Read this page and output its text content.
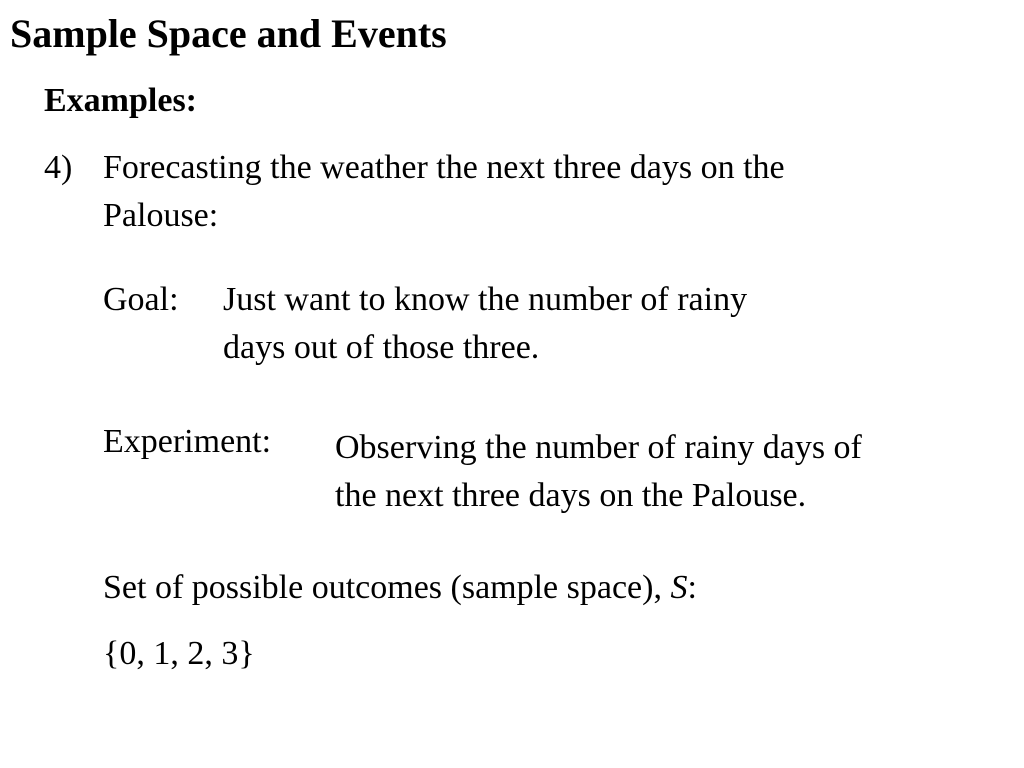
Sample Space and Events
Examples:
4) Forecasting the weather the next three days on the
Palouse:
Goal: Just want to know the number of rainy
days out of those three.
Experiment: Observing the number of rainy days of
the next three days on the Palouse.
Set of possible outcomes (sample space), S:
{0, 1, 2, 3}
